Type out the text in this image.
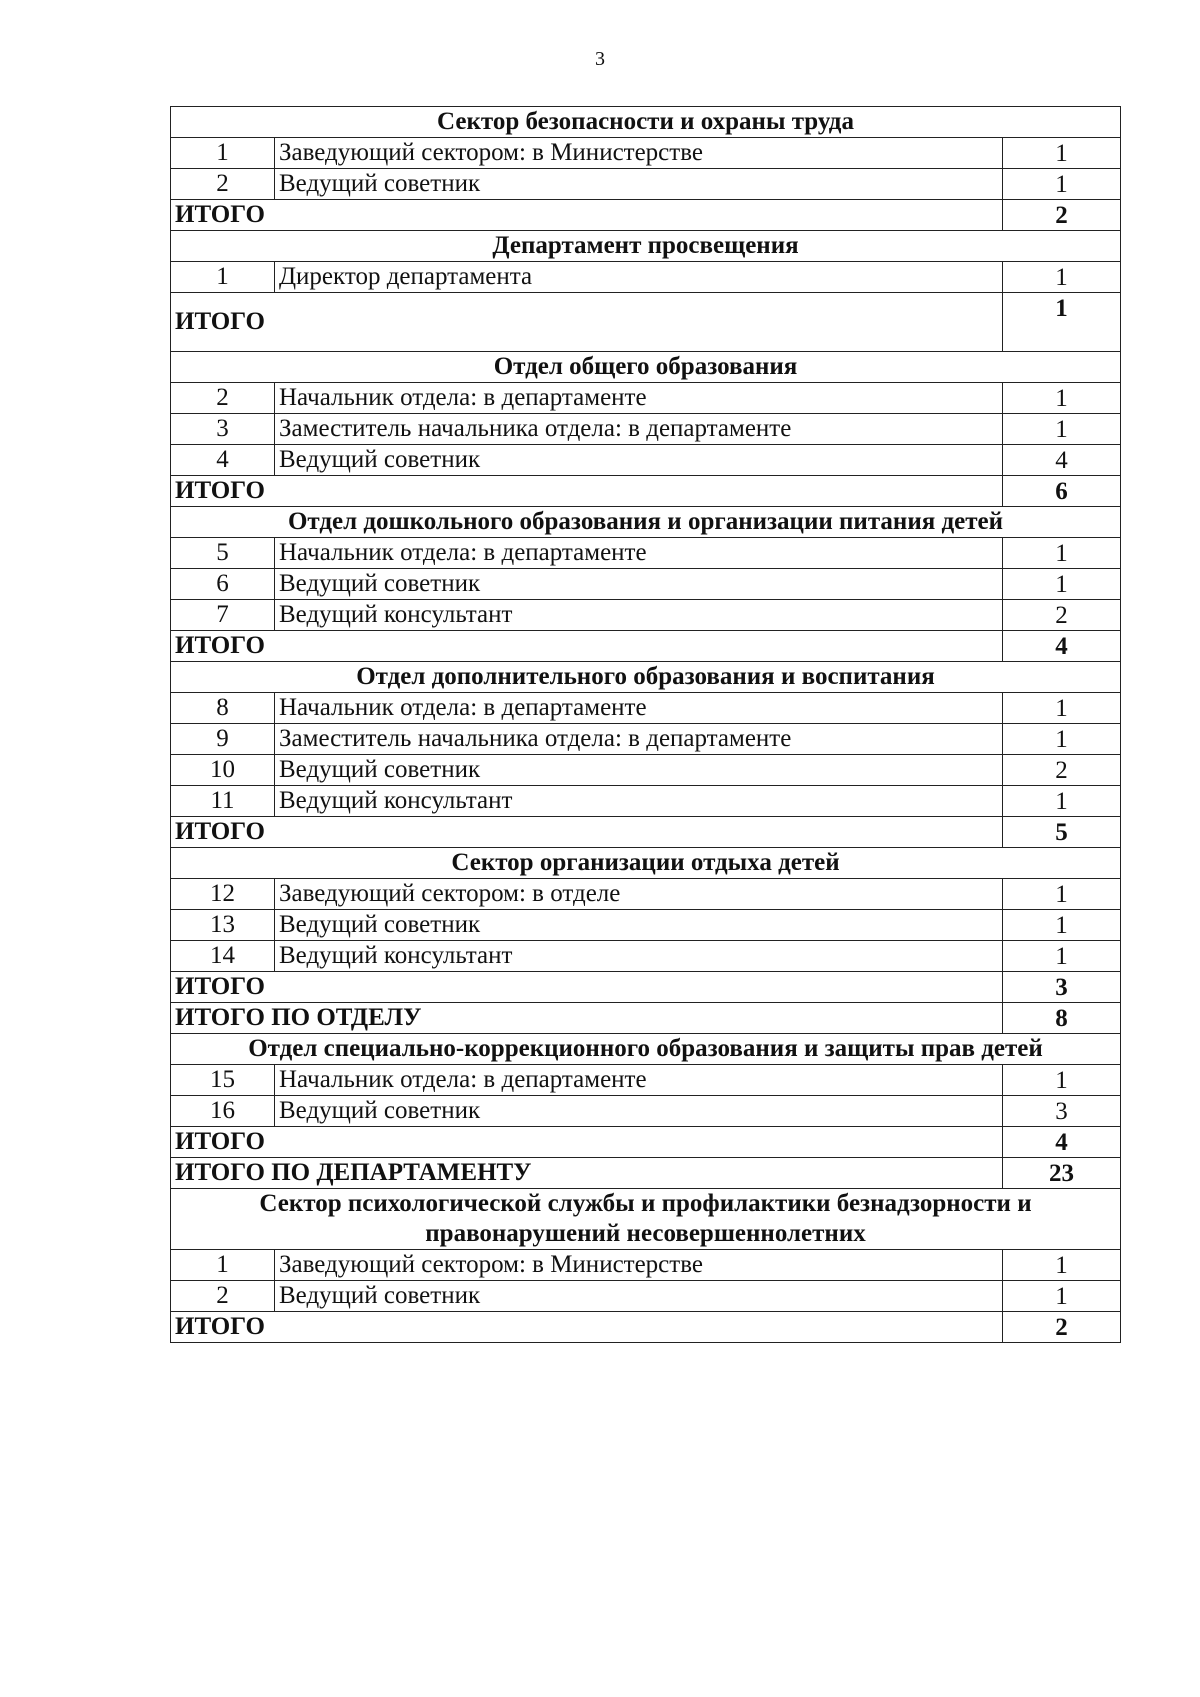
3
Сектор безопасности и охраны труда		
1	Заведующий сектором: в Министерстве	1
2	Ведущий советник	1
ИТОГО		2
Департамент просвещения		
1	Директор департамента	1
ИТОГО		1
Отдел общего образования		
2	Начальник отдела: в департаменте	1
3	Заместитель начальника отдела: в департаменте	1
4	Ведущий советник	4
ИТОГО		6
Отдел дошкольного образования и организации питания детей		
5	Начальник отдела: в департаменте	1
6	Ведущий советник	1
7	Ведущий консультант	2
ИТОГО		4
Отдел дополнительного образования и воспитания		
8	Начальник отдела: в департаменте	1
9	Заместитель начальника отдела: в департаменте	1
10	Ведущий советник	2
11	Ведущий консультант	1
ИТОГО		5
Сектор организации отдыха детей		
12	Заведующий сектором: в отделе	1
13	Ведущий советник	1
14	Ведущий консультант	1
ИТОГО		3
ИТОГО ПО ОТДЕЛУ		8
Отдел специально-коррекционного образования и защиты прав детей		
15	Начальник отдела: в департаменте	1
16	Ведущий советник	3
ИТОГО		4
ИТОГО ПО ДЕПАРТАМЕНТУ		23
Сектор психологической службы и профилактики безнадзорности и правонарушений несовершеннолетних		
1	Заведующий сектором: в Министерстве	1
2	Ведущий советник	1
ИТОГО		2
